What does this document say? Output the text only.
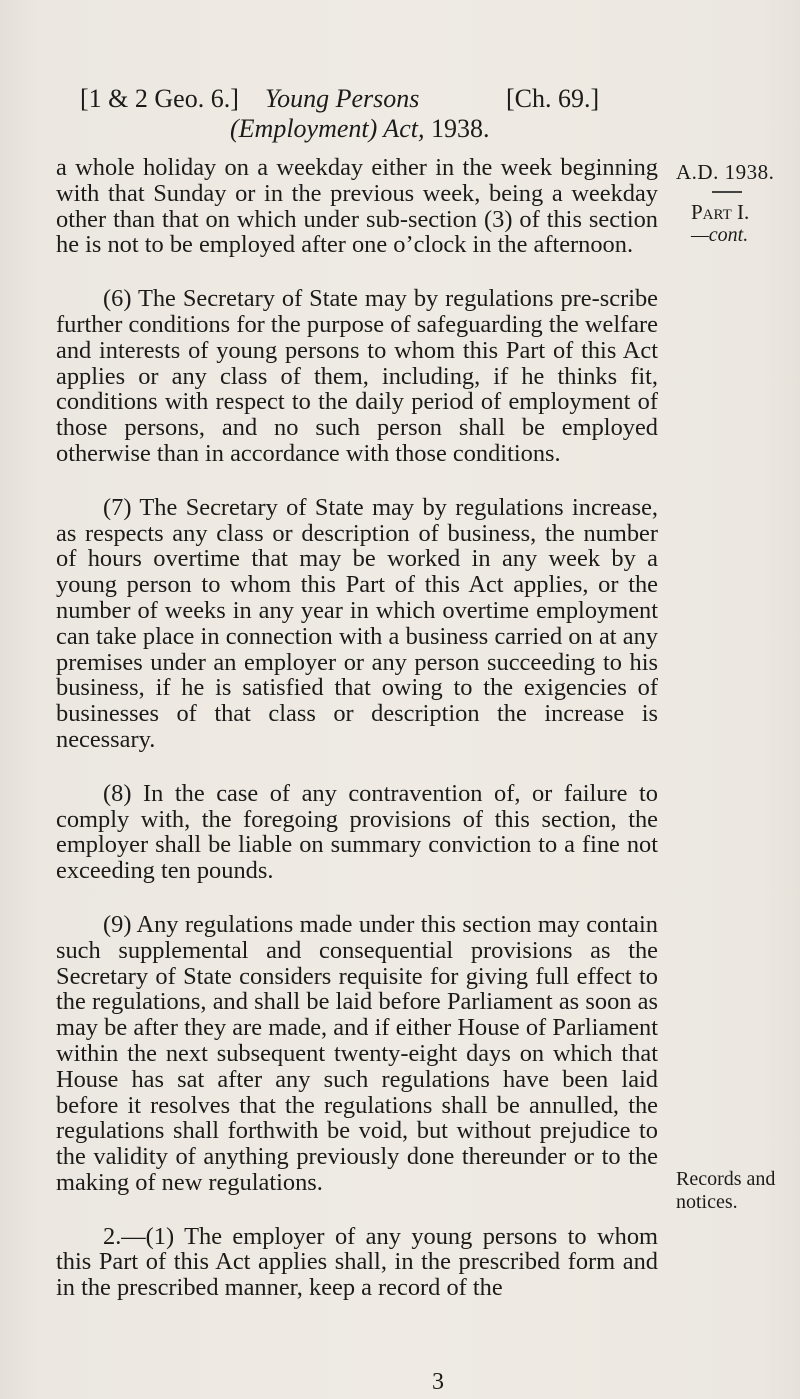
[1 & 2 Geo. 6.] Young Persons	[Ch. 69.]
(Employment) Act, 1938.
A.D. 1938.
Part I.
—cont.

a whole holiday on a weekday either in the week beginning with that Sunday or in the previous week, being a weekday other than that on which under sub-section (3) of this section he is not to be employed after one o’clock in the afternoon.

(6) The Secretary of State may by regulations pre-scribe further conditions for the purpose of safeguarding the welfare and interests of young persons to whom this Part of this Act applies or any class of them, including, if he thinks fit, conditions with respect to the daily period of employment of those persons, and no such person shall be employed otherwise than in accordance with those conditions.

(7) The Secretary of State may by regulations increase, as respects any class or description of business, the number of hours overtime that may be worked in any week by a young person to whom this Part of this Act applies, or the number of weeks in any year in which overtime employment can take place in connection with a business carried on at any premises under an employer or any person succeeding to his business, if he is satisfied that owing to the exigencies of businesses of that class or description the increase is necessary.

(8) In the case of any contravention of, or failure to comply with, the foregoing provisions of this section, the employer shall be liable on summary conviction to a fine not exceeding ten pounds.

(9) Any regulations made under this section may contain such supplemental and consequential provisions as the Secretary of State considers requisite for giving full effect to the regulations, and shall be laid before Parliament as soon as may be after they are made, and if either House of Parliament within the next subsequent twenty-eight days on which that House has sat after any such regulations have been laid before it resolves that the regulations shall be annulled, the regulations shall forthwith be void, but without prejudice to the validity of anything previously done thereunder or to the making of new regulations.

2.—(1) The employer of any young persons to whom this Part of this Act applies shall, in the prescribed form and in the prescribed manner, keep a record of the

Records and
notices.
3
